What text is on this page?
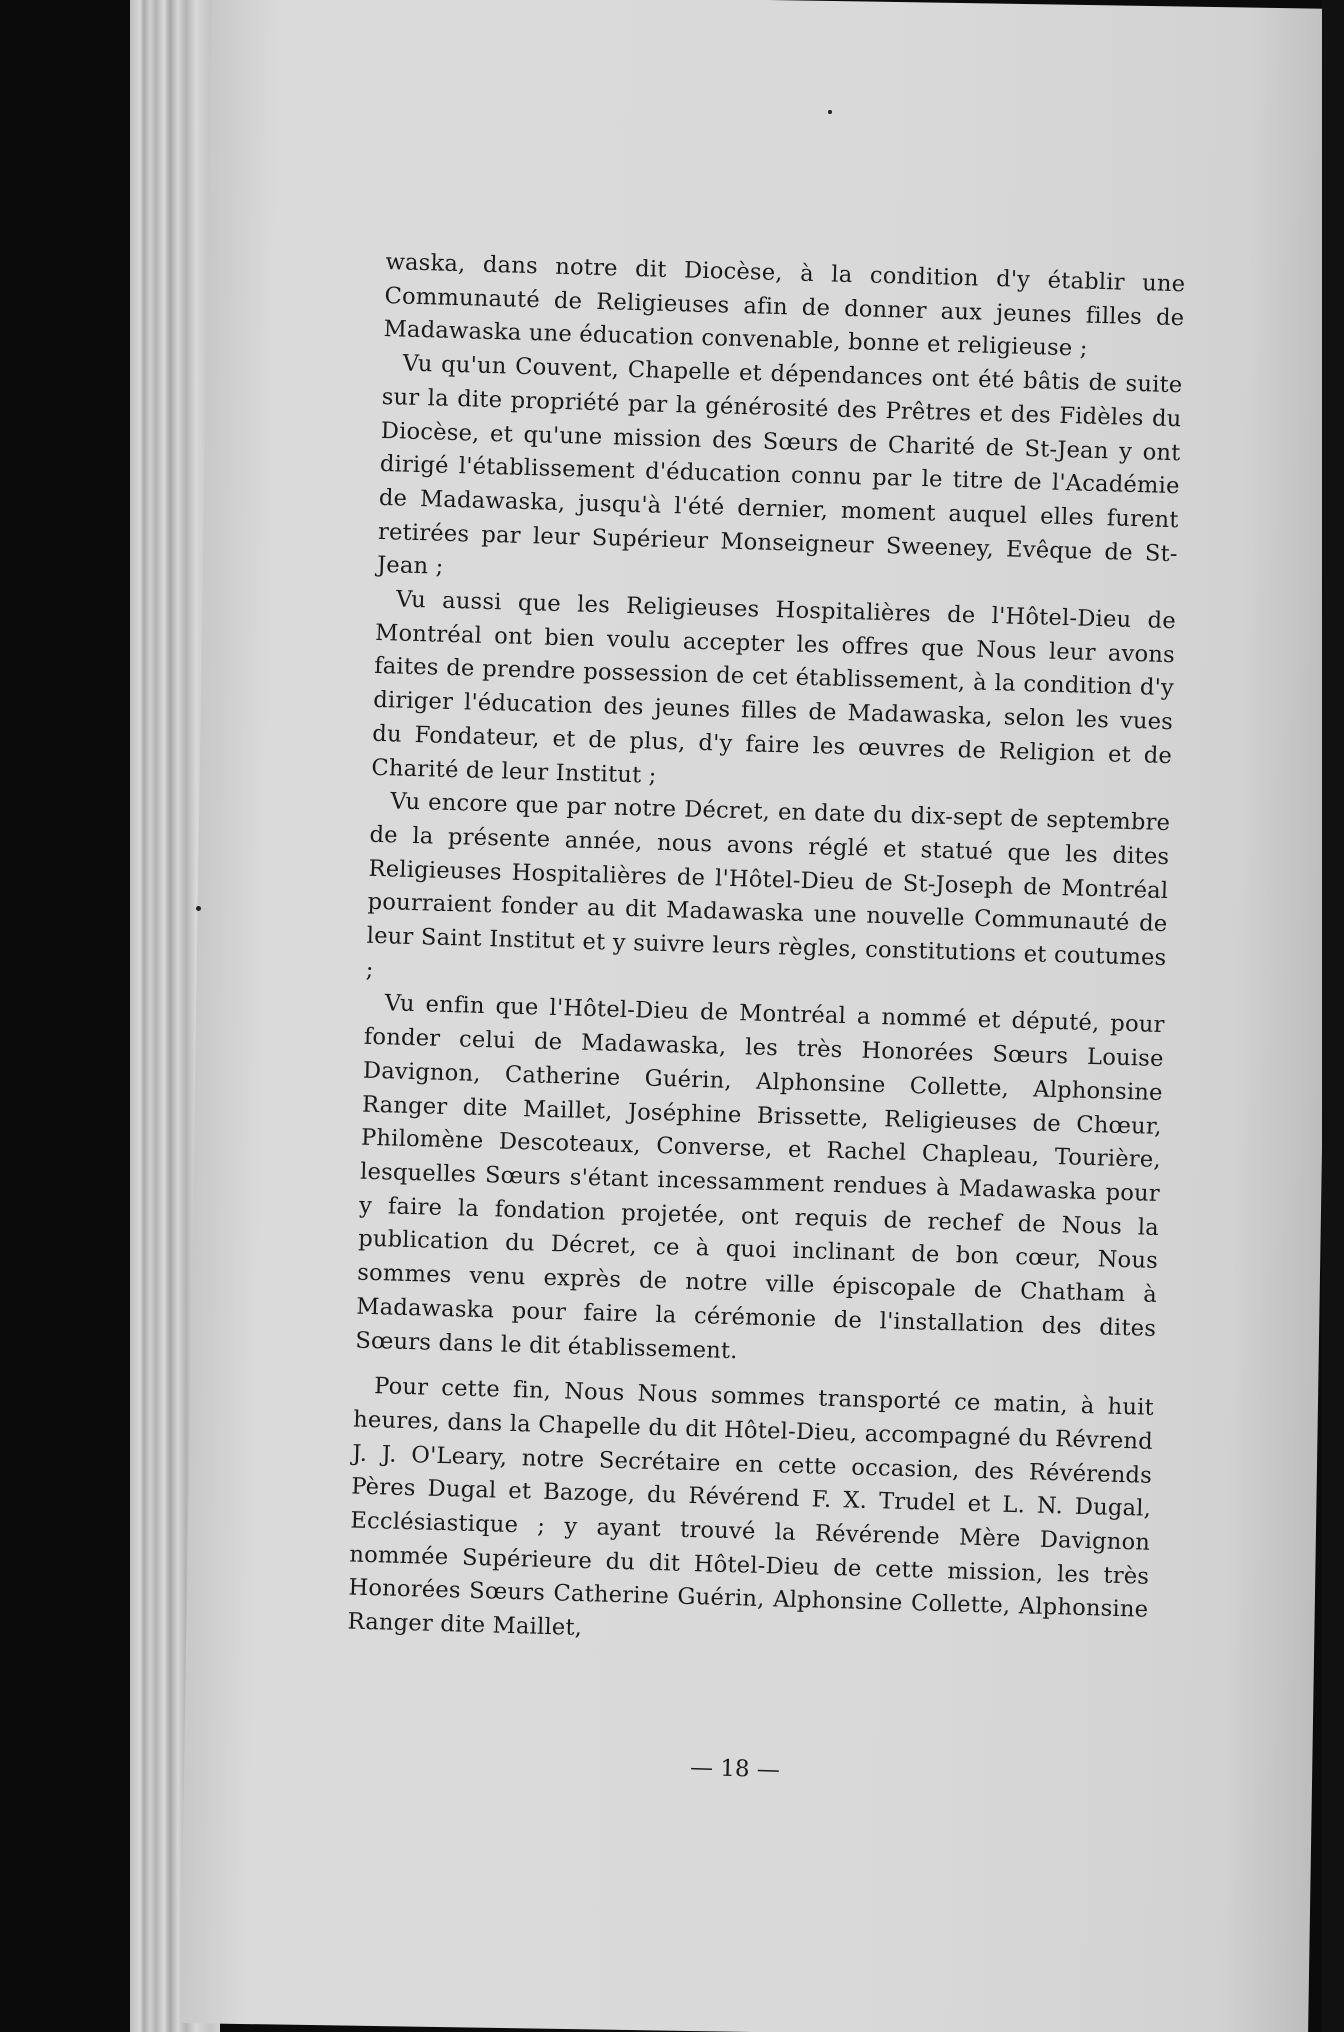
waska, dans notre dit Diocèse, à la condition d'y établir une Communauté de Religieuses afin de donner aux jeunes filles de Madawaska une éducation convenable, bonne et religieuse ;

Vu qu'un Couvent, Chapelle et dépendances ont été bâtis de suite sur la dite propriété par la générosité des Prêtres et des Fidèles du Diocèse, et qu'une mission des Sœurs de Charité de St-Jean y ont dirigé l'établissement d'éducation connu par le titre de l'Académie de Madawaska, jusqu'à l'été dernier, moment auquel elles furent retirées par leur Supérieur Monseigneur Sweeney, Evêque de St-Jean ;

Vu aussi que les Religieuses Hospitalières de l'Hôtel-Dieu de Montréal ont bien voulu accepter les offres que Nous leur avons faites de prendre possession de cet établissement, à la condition d'y diriger l'éducation des jeunes filles de Madawaska, selon les vues du Fondateur, et de plus, d'y faire les œuvres de Religion et de Charité de leur Institut ;

Vu encore que par notre Décret, en date du dix-sept de septembre de la présente année, nous avons réglé et statué que les dites Religieuses Hospitalières de l'Hôtel-Dieu de St-Joseph de Montréal pourraient fonder au dit Madawaska une nouvelle Communauté de leur Saint Institut et y suivre leurs règles, constitutions et coutumes ;

Vu enfin que l'Hôtel-Dieu de Montréal a nommé et député, pour fonder celui de Madawaska, les très Honorées Sœurs Louise Davignon, Catherine Guérin, Alphonsine Collette, Alphonsine Ranger dite Maillet, Joséphine Brissette, Religieuses de Chœur, Philomène Descoteaux, Converse, et Rachel Chapleau, Tourière, lesquelles Sœurs s'étant incessamment rendues à Madawaska pour y faire la fondation projetée, ont requis de rechef de Nous la publication du Décret, ce à quoi inclinant de bon cœur, Nous sommes venu exprès de notre ville épiscopale de Chatham à Madawaska pour faire la cérémonie de l'installation des dites Sœurs dans le dit établissement.

Pour cette fin, Nous Nous sommes transporté ce matin, à huit heures, dans la Chapelle du dit Hôtel-Dieu, accompagné du Révrend J. J. O'Leary, notre Secrétaire en cette occasion, des Révérends Pères Dugal et Bazoge, du Révérend F. X. Trudel et L. N. Dugal, Ecclésiastique ; y ayant trouvé la Révérende Mère Davignon nommée Supérieure du dit Hôtel-Dieu de cette mission, les très Honorées Sœurs Catherine Guérin, Alphonsine Collette, Alphonsine Ranger dite Maillet,

— 18 —
